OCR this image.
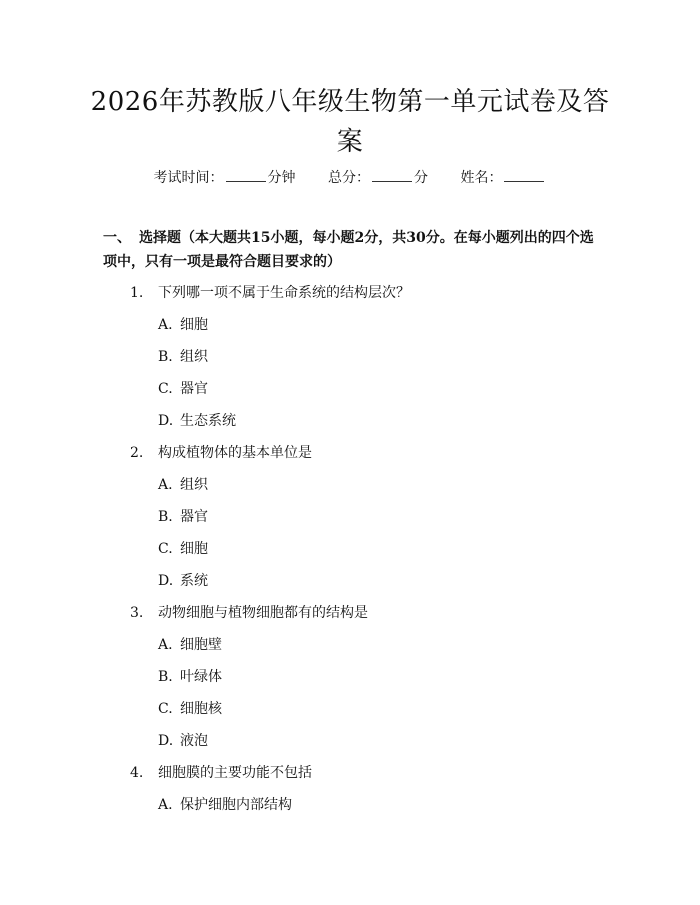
2026年苏教版八年级生物第一单元试卷及答
案
考试时间：	分钟 总分：	分 姓名：
一、 选择题（本大题共15小题，每小题2分，共30分。在每小题列出的四个选
项中，只有一项是最符合题目要求的）
1. 下列哪一项不属于生命系统的结构层次？
A. 细胞
B. 组织
C. 器官
D. 生态系统
2. 构成植物体的基本单位是
A. 组织
B. 器官
C. 细胞
D. 系统
3. 动物细胞与植物细胞都有的结构是
A. 细胞壁
B. 叶绿体
C. 细胞核
D. 液泡
4. 细胞膜的主要功能不包括
A. 保护细胞内部结构
